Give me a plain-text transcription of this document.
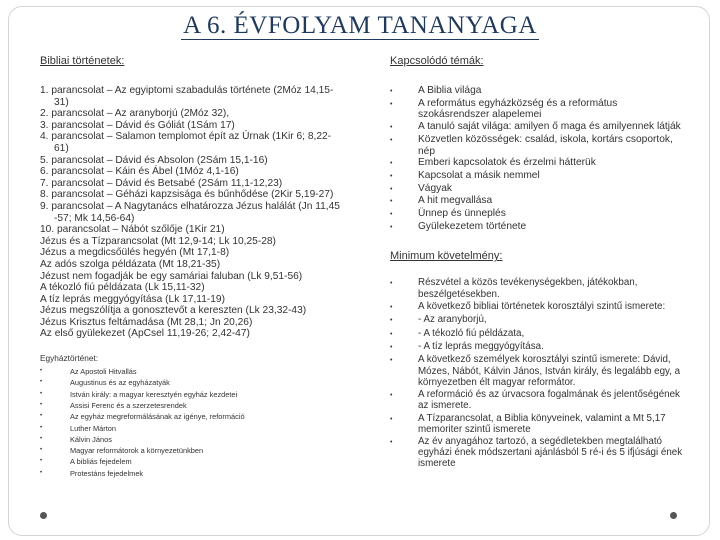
A 6. ÉVFOLYAM TANANYAGA
Bibliai történetek:
1. parancsolat – Az egyiptomi szabadulás története (2Móz 14,15-
31)
2. parancsolat – Az aranyborjú (2Móz 32),
3. parancsolat – Dávid és Góliát (1Sám 17)
4. parancsolat – Salamon templomot épít az Úrnak (1Kir 6; 8,22-
61)
5. parancsolat – Dávid és Absolon (2Sám 15,1-16)
6. parancsolat – Káin és Ábel (1Móz 4,1-16)
7. parancsolat – Dávid és Betsabé (2Sám 11,1-12,23)
8. parancsolat – Géházi kapzsisága és bűnhődése (2Kir 5,19-27)
9. parancsolat – A Nagytanács elhatározza Jézus halálát (Jn 11,45
-57; Mk 14,56-64)
10. parancsolat – Nábót szőlője (1Kir 21)
Jézus és a Tízparancsolat (Mt 12,9-14; Lk 10,25-28)
Jézus a megdicsőülés hegyén (Mt 17,1-8)
Az adós szolga példázata (Mt 18,21-35)
Jézust nem fogadják be egy samáriai faluban (Lk 9,51-56)
A tékozló fiú példázata (Lk 15,11-32)
A tíz leprás meggyógyítása (Lk 17,11-19)
Jézus megszólítja a gonosztevőt a kereszten (Lk 23,32-43)
Jézus Krisztus feltámadása (Mt 28,1; Jn 20,26)
Az első gyülekezet (ApCsel 11,19-26; 2,42-47)
Egyháztörténet:
•	Az Apostoli Hitvallás
•	Augustinus és az egyházatyák
•	István király: a magyar keresztyén egyház kezdetei
•	Assisi Ferenc és a szerzetesrendek
•	Az egyház megreformálásának az igénye, reformáció
•	Luther Márton
•	Kálvin János
•	Magyar reformátorok a környezetünkben
•	A bibliás fejedelem
•	Protestáns fejedelmek
Kapcsolódó témák:
•	A Biblia világa
•	A református egyházközség és a református szokásrendszer alapelemei
•	A tanuló saját világa: amilyen ő maga és amilyennek látják
•	Közvetlen közösségek: család, iskola, kortárs csoportok, nép
•	Emberi kapcsolatok és érzelmi hátterük
•	Kapcsolat a másik nemmel
•	Vágyak
•	A hit megvallása
•	Ünnep és ünneplés
•	Gyülekezetem története
Minimum követelmény:
•	Részvétel a közös tevékenységekben, játékokban, beszélgetésekben.
•	A következő bibliai történetek korosztályi szintű ismerete:
•	- Az aranyborjú,
•	- A tékozló fiú példázata,
•	- A tíz leprás meggyógyítása.
•	A következő személyek korosztályi szintű ismerete: Dávid, Mózes, Nábót, Kálvin János, István király, és legalább egy, a környezetben élt magyar reformátor.
•	A reformáció és az úrvacsora fogalmának és jelentőségének az ismerete.
•	A Tízparancsolat, a Biblia könyveinek, valamint a Mt 5,17 memoriter szintű ismerete
•	Az év anyagához tartozó, a segédletekben megtalálható egyházi ének módszertani ajánlásból 5 ré-i és 5 ifjúsági ének ismerete
